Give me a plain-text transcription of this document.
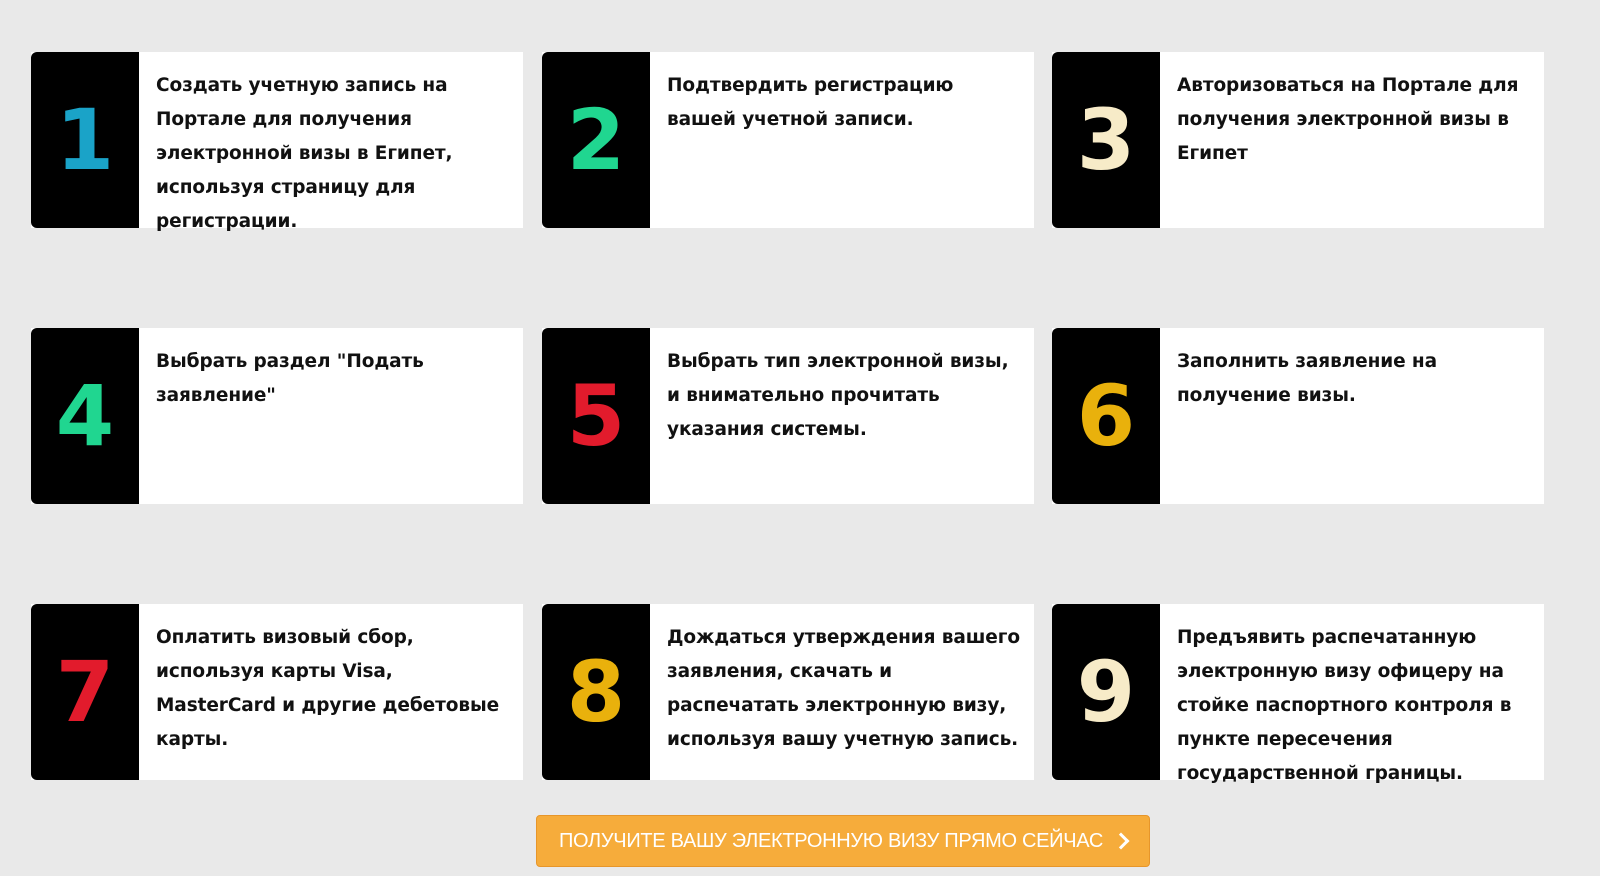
1
Создать учетную запись на Портале для получения электронной визы в Египет, используя страницу для регистрации.
2
Подтвердить регистрацию вашей учетной записи.	3
Авторизоваться на Портале для получения электронной визы в Египет
4
Выбрать раздел "Подать заявление"	5
Выбрать тип электронной визы, и внимательно прочитать указания системы.	6
Заполнить заявление на получение визы.
7
Оплатить визовый сбор, используя карты Visa, MasterCard и другие дебетовые карты.	8
Дождаться утверждения вашего заявления, скачать и распечатать электронную визу, используя вашу учетную запись. 9
Предъявить распечатанную электронную визу офицеру на стойке паспортного контроля в пункте пересечения государственной границы.
ПОЛУЧИТЕ ВАШУ ЭЛЕКТРОННУЮ ВИЗУ ПРЯМО СЕЙЧАС
